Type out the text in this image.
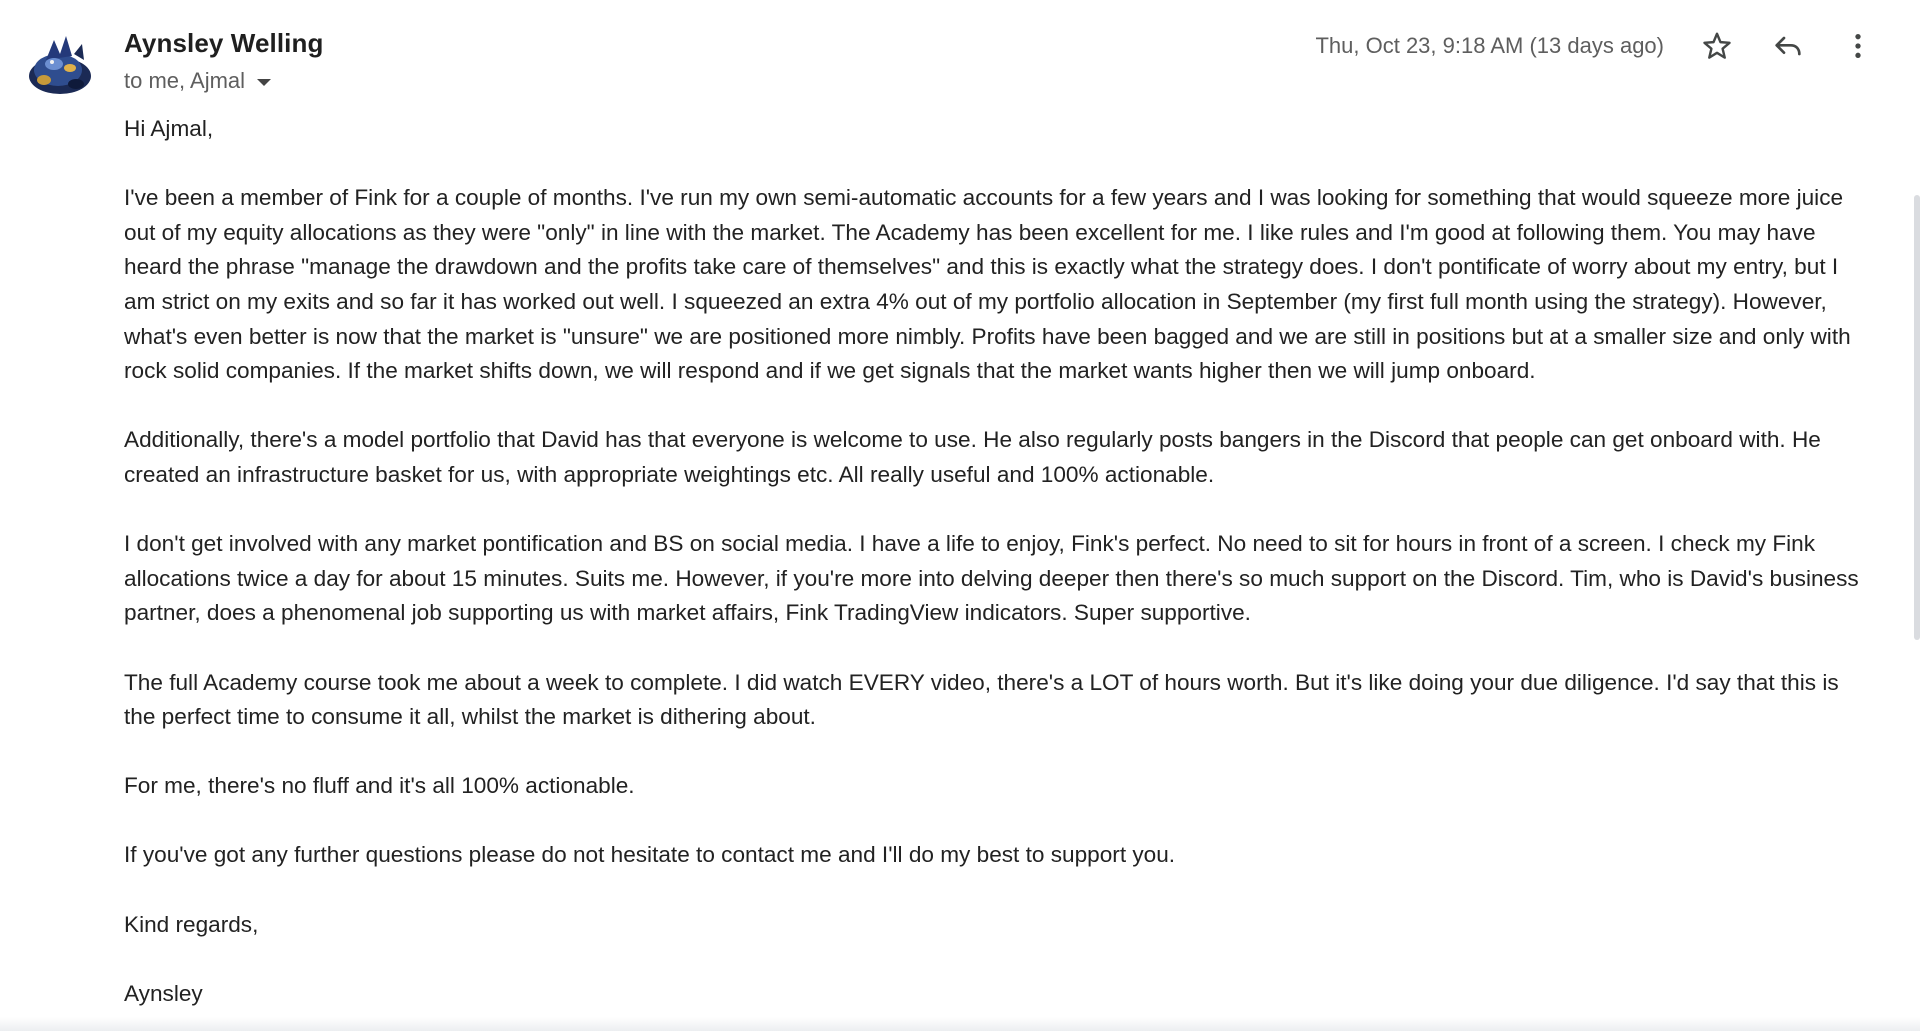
Aynsley Welling
to me, Ajmal
Thu, Oct 23, 9:18 AM (13 days ago)

Hi Ajmal,

I've been a member of Fink for a couple of months. I've run my own semi-automatic accounts for a few years and I was looking for something that would squeeze more juice out of my equity allocations as they were "only" in line with the market. The Academy has been excellent for me. I like rules and I'm good at following them. You may have heard the phrase "manage the drawdown and the profits take care of themselves" and this is exactly what the strategy does. I don't pontificate of worry about my entry, but I am strict on my exits and so far it has worked out well. I squeezed an extra 4% out of my portfolio allocation in September (my first full month using the strategy). However, what's even better is now that the market is "unsure" we are positioned more nimbly. Profits have been bagged and we are still in positions but at a smaller size and only with rock solid companies. If the market shifts down, we will respond and if we get signals that the market wants higher then we will jump onboard.

Additionally, there's a model portfolio that David has that everyone is welcome to use. He also regularly posts bangers in the Discord that people can get onboard with. He created an infrastructure basket for us, with appropriate weightings etc. All really useful and 100% actionable.

I don't get involved with any market pontification and BS on social media. I have a life to enjoy, Fink's perfect. No need to sit for hours in front of a screen. I check my Fink allocations twice a day for about 15 minutes. Suits me. However, if you're more into delving deeper then there's so much support on the Discord. Tim, who is David's business partner, does a phenomenal job supporting us with market affairs, Fink TradingView indicators. Super supportive.

The full Academy course took me about a week to complete. I did watch EVERY video, there's a LOT of hours worth. But it's like doing your due diligence. I'd say that this is the perfect time to consume it all, whilst the market is dithering about.

For me, there's no fluff and it's all 100% actionable.

If you've got any further questions please do not hesitate to contact me and I'll do my best to support you.

Kind regards,

Aynsley
